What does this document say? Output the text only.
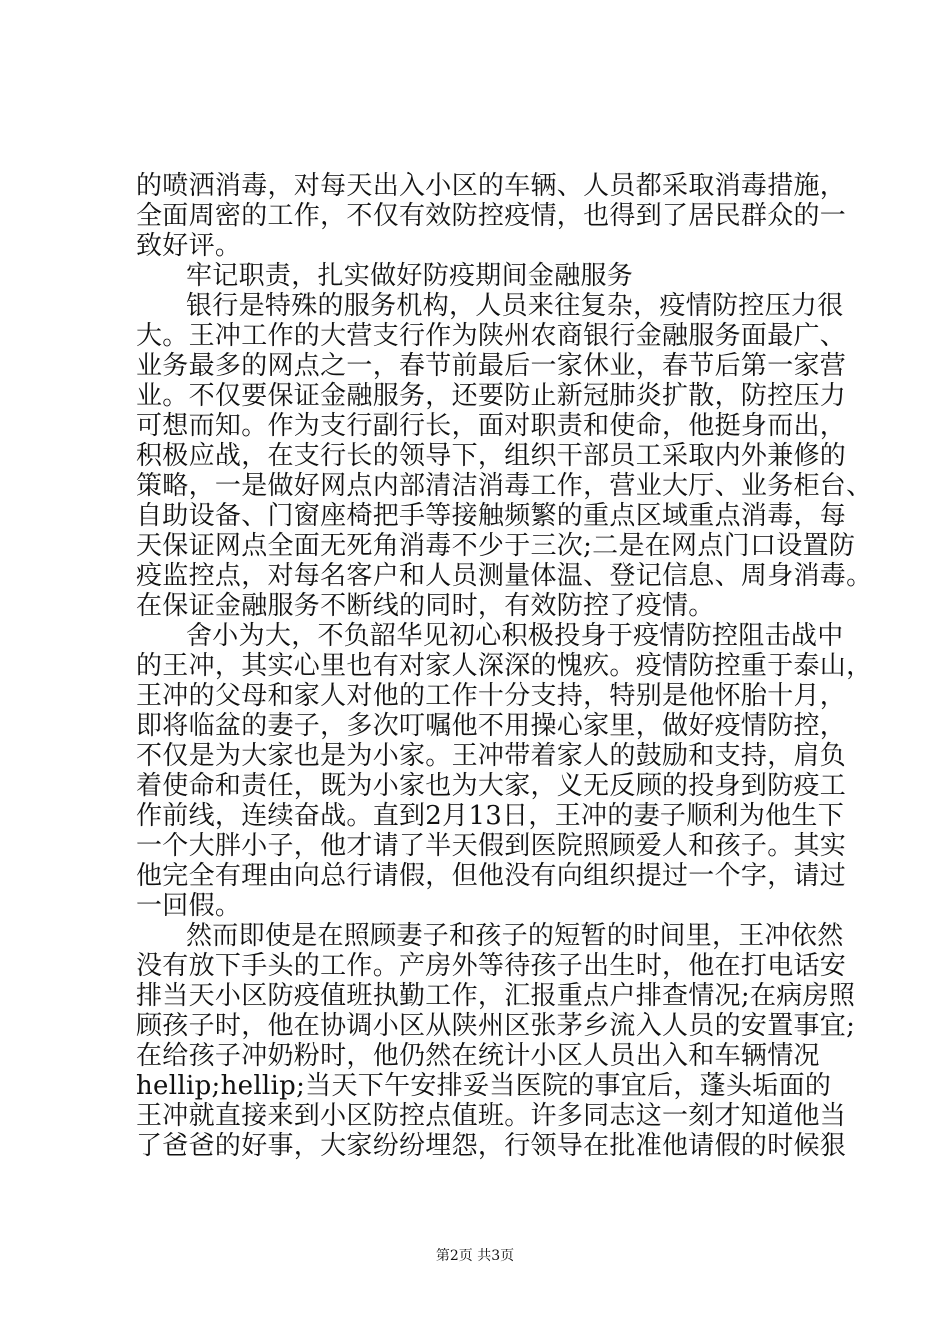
的喷洒消毒，对每天出入小区的车辆、人员都采取消毒措施，
全面周密的工作，不仅有效防控疫情，也得到了居民群众的一
致好评。
牢记职责，扎实做好防疫期间金融服务
银行是特殊的服务机构，人员来往复杂，疫情防控压力很
大。王冲工作的大营支行作为陕州农商银行金融服务面最广、
业务最多的网点之一，春节前最后一家休业，春节后第一家营
业。不仅要保证金融服务，还要防止新冠肺炎扩散，防控压力
可想而知。作为支行副行长，面对职责和使命，他挺身而出，
积极应战，在支行长的领导下，组织干部员工采取内外兼修的
策略，一是做好网点内部清洁消毒工作，营业大厅、业务柜台、
自助设备、门窗座椅把手等接触频繁的重点区域重点消毒，每
天保证网点全面无死角消毒不少于三次;二是在网点门口设置防
疫监控点，对每名客户和人员测量体温、登记信息、周身消毒。
在保证金融服务不断线的同时，有效防控了疫情。
舍小为大，不负韶华见初心积极投身于疫情防控阻击战中
的王冲，其实心里也有对家人深深的愧疚。疫情防控重于泰山，
王冲的父母和家人对他的工作十分支持，特别是他怀胎十月，
即将临盆的妻子，多次叮嘱他不用操心家里，做好疫情防控，
不仅是为大家也是为小家。王冲带着家人的鼓励和支持，肩负
着使命和责任，既为小家也为大家，义无反顾的投身到防疫工
作前线，连续奋战。直到2月13日，王冲的妻子顺利为他生下
一个大胖小子，他才请了半天假到医院照顾爱人和孩子。其实
他完全有理由向总行请假，但他没有向组织提过一个字，请过
一回假。
然而即使是在照顾妻子和孩子的短暂的时间里，王冲依然
没有放下手头的工作。产房外等待孩子出生时，他在打电话安
排当天小区防疫值班执勤工作，汇报重点户排查情况;在病房照
顾孩子时，他在协调小区从陕州区张茅乡流入人员的安置事宜;
在给孩子冲奶粉时，他仍然在统计小区人员出入和车辆情况
hellip;hellip;当天下午安排妥当医院的事宜后，蓬头垢面的
王冲就直接来到小区防控点值班。许多同志这一刻才知道他当
了爸爸的好事，大家纷纷埋怨，行领导在批准他请假的时候狠
第2页 共3页
